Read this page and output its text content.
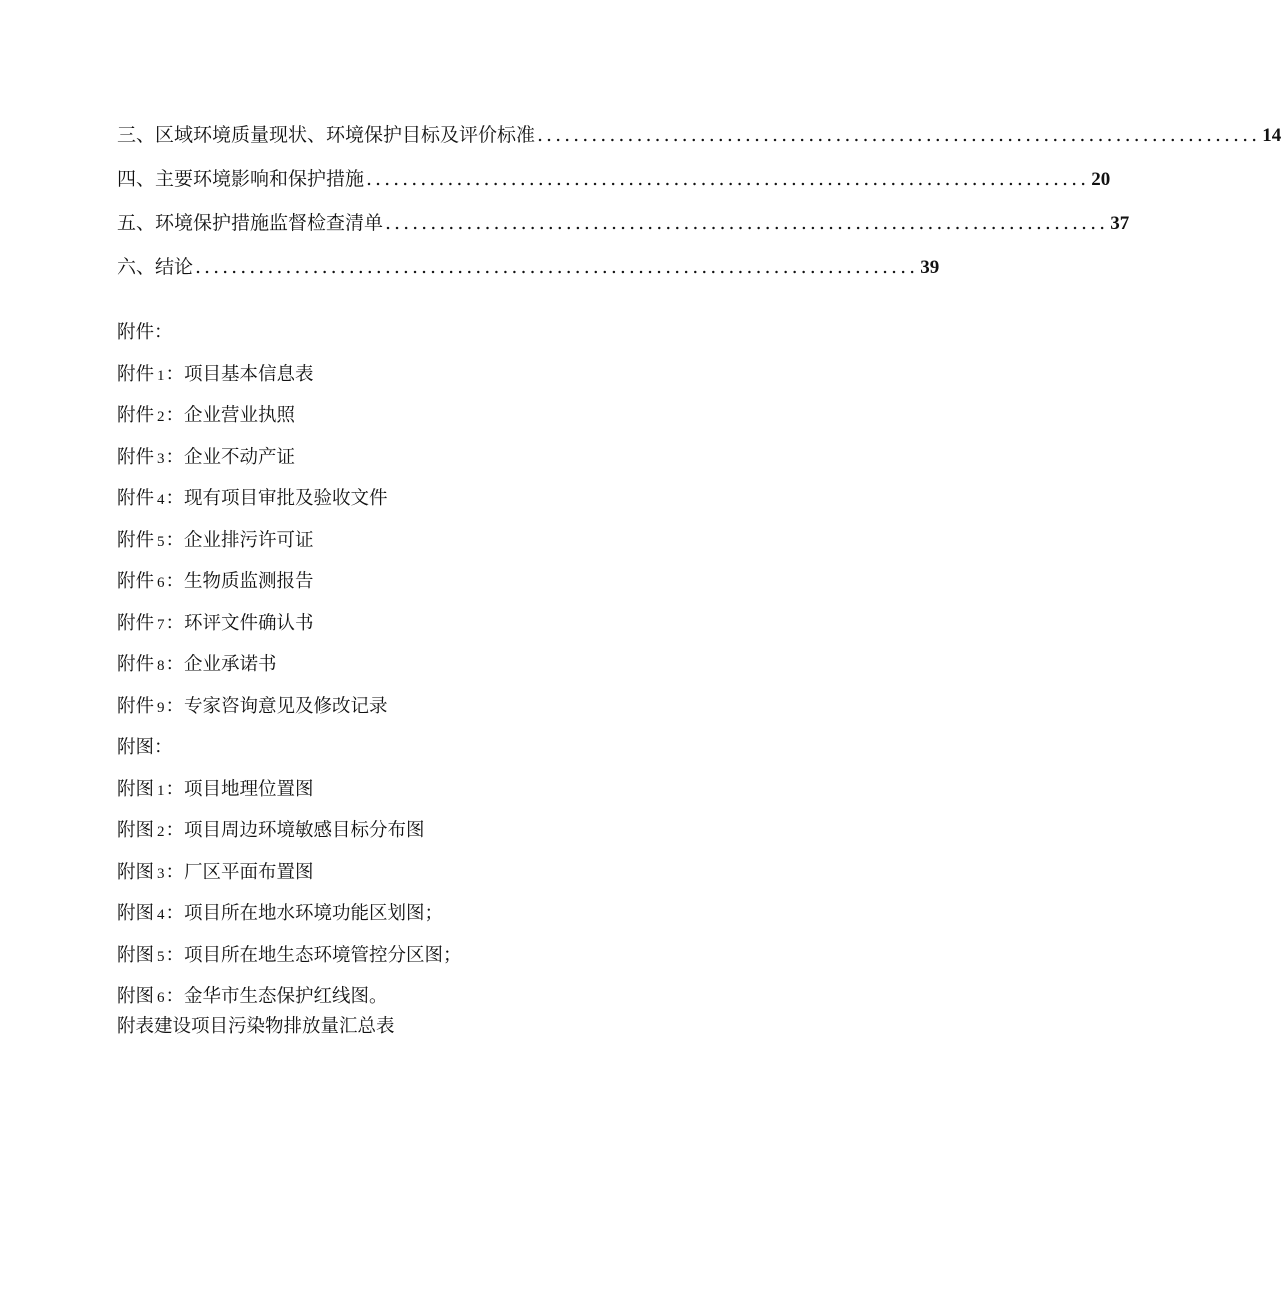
三、区域环境质量现状、环境保护目标及评价标准 ................................................................................ 14
四、主要环境影响和保护措施 ................................................................................ 20
五、环境保护措施监督检查清单 ................................................................................ 37
六、结论 ................................................................................ 39
附件：
附件 1：项目基本信息表
附件 2：企业营业执照
附件 3：企业不动产证
附件 4：现有项目审批及验收文件
附件 5：企业排污许可证
附件 6：生物质监测报告
附件 7：环评文件确认书
附件 8：企业承诺书
附件 9：专家咨询意见及修改记录
附图：
附图 1：项目地理位置图
附图 2：项目周边环境敏感目标分布图
附图 3：厂区平面布置图
附图 4：项目所在地水环境功能区划图；
附图 5：项目所在地生态环境管控分区图；
附图 6：金华市生态保护红线图。
附表建设项目污染物排放量汇总表
